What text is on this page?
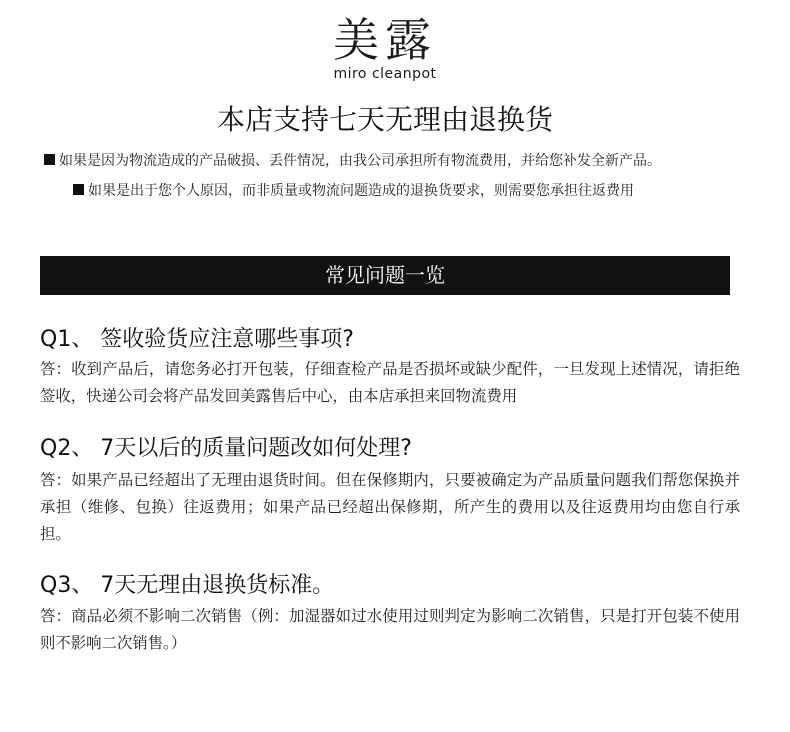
美露
miro cleanpot
本店支持七天无理由退换货
如果是因为物流造成的产品破损、丢件情况，由我公司承担所有物流费用，并给您补发全新产品。
如果是出于您个人原因，而非质量或物流问题造成的退换货要求，则需要您承担往返费用
常见问题一览
Q1、 签收验货应注意哪些事项?
答：收到产品后，请您务必打开包装，仔细查检产品是否损坏或缺少配件，一旦发现上述情况，请拒绝签收，快递公司会将产品发回美露售后中心，由本店承担来回物流费用
Q2、 7天以后的质量问题改如何处理?
答：如果产品已经超出了无理由退货时间。但在保修期内，只要被确定为产品质量问题我们帮您保换并承担（维修、包换）往返费用；如果产品已经超出保修期，所产生的费用以及往返费用均由您自行承担。
Q3、 7天无理由退换货标准。
答：商品必须不影响二次销售（例：加湿器如过水使用过则判定为影响二次销售，只是打开包装不使用则不影响二次销售。）
